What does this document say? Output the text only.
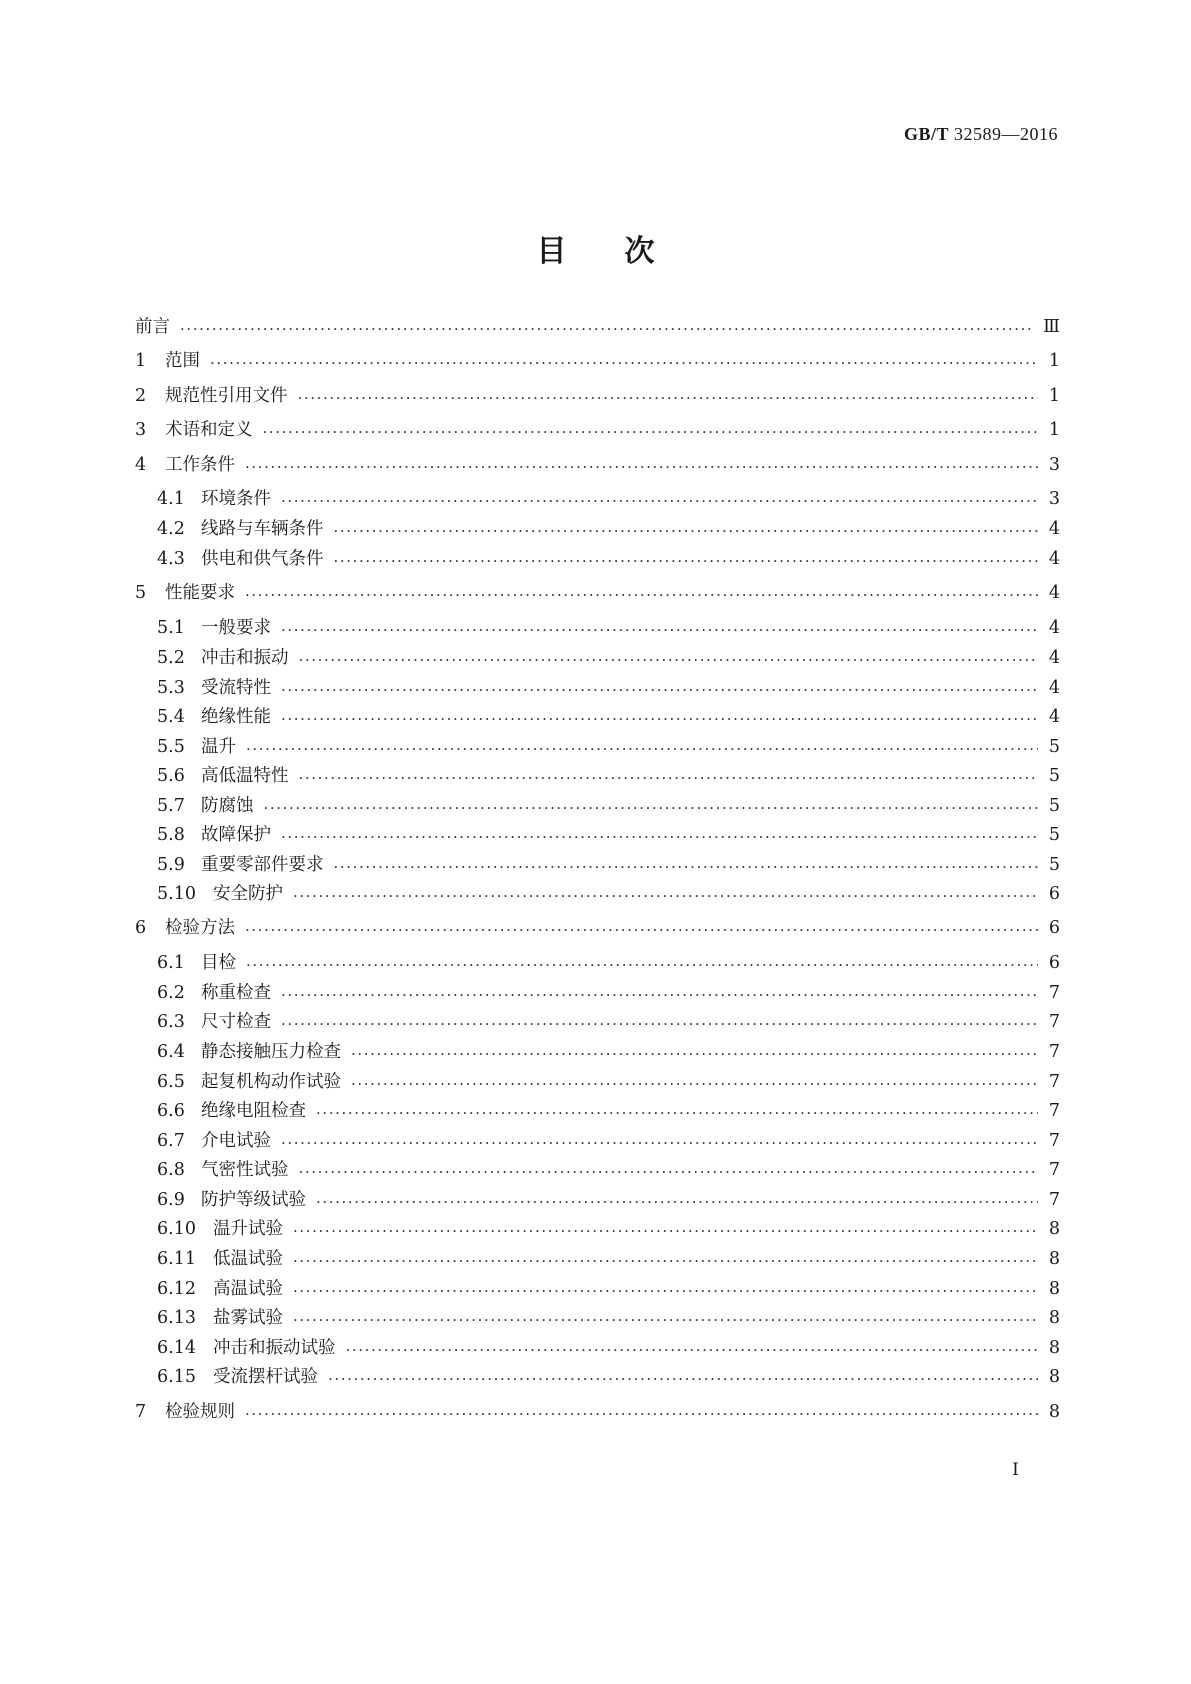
GB/T 32589—2016
目次
前言 ·····	Ⅲ
1	范围 ·····	1
2	规范性引用文件 ·····	1
3	术语和定义 ·····	1
4	工作条件 ·····	3
4.1 环境条件 ·····	3
4.2 线路与车辆条件 ·····	4
4.3 供电和供气条件 ·····	4
5	性能要求 ·····	4
5.1 一般要求 ·····	4
5.2 冲击和振动 ·····	4
5.3 受流特性 ·····	4
5.4 绝缘性能 ·····	4
5.5 温升 ·····	5
5.6 高低温特性 ·····	5
5.7 防腐蚀 ·····	5
5.8 故障保护 ·····	5
5.9 重要零部件要求 ·····	5
5.10 安全防护 ·····	6
6	检验方法 ·····	6
6.1 目检 ·····	6
6.2 称重检查 ·····	7
6.3 尺寸检查 ·····	7
6.4 静态接触压力检查 ·····	7
6.5 起复机构动作试验 ·····	7
6.6 绝缘电阻检查 ·····	7
6.7 介电试验 ·····	7
6.8 气密性试验 ·····	7
6.9 防护等级试验 ·····	7
6.10 温升试验 ·····	8
6.11 低温试验 ·····	8
6.12 高温试验 ·····	8
6.13 盐雾试验 ·····	8
6.14 冲击和振动试验 ·····	8
6.15 受流摆杆试验 ·····	8
7	检验规则 ·····	8
I
